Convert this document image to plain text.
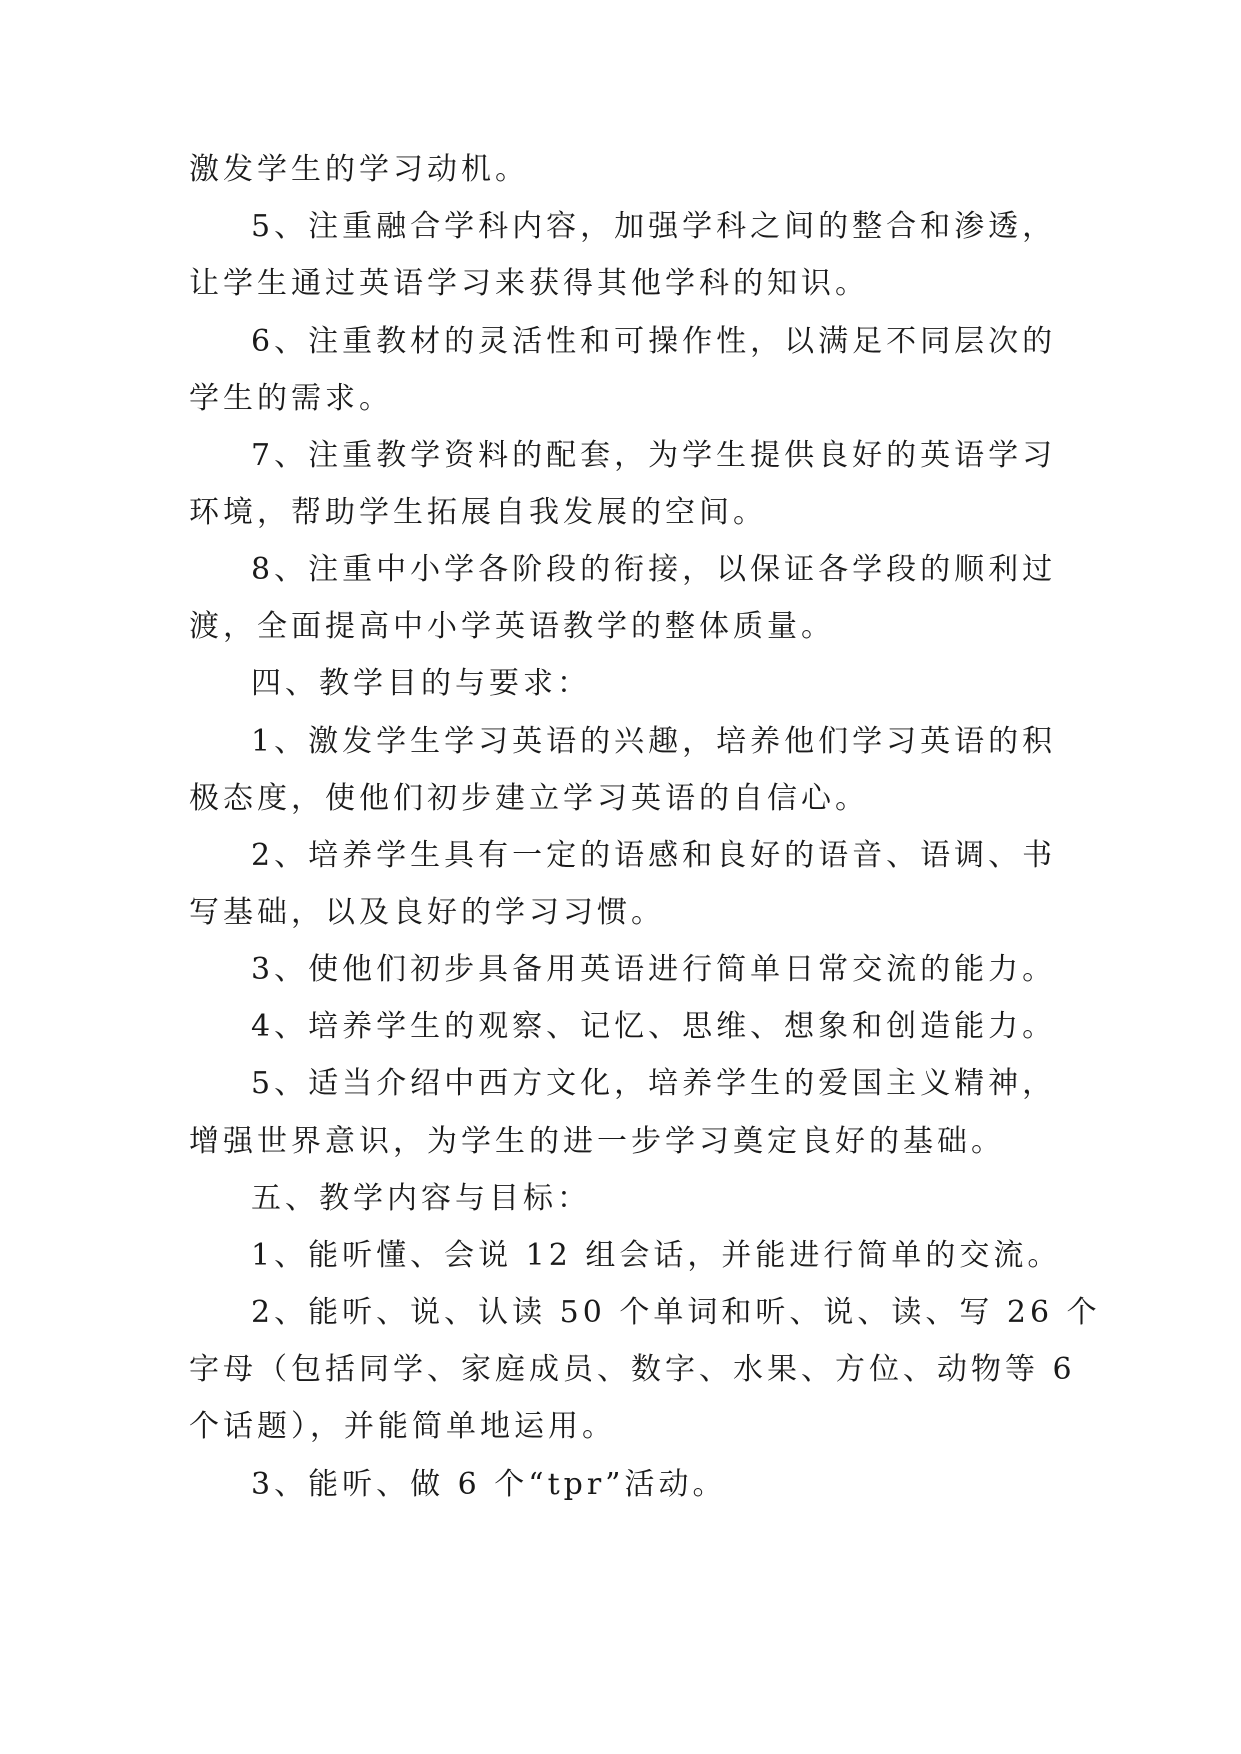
激发学生的学习动机。
5、注重融合学科内容，加强学科之间的整合和渗透，
让学生通过英语学习来获得其他学科的知识。
6、注重教材的灵活性和可操作性，以满足不同层次的
学生的需求。
7、注重教学资料的配套，为学生提供良好的英语学习
环境，帮助学生拓展自我发展的空间。
8、注重中小学各阶段的衔接，以保证各学段的顺利过
渡，全面提高中小学英语教学的整体质量。
四、教学目的与要求：
1、激发学生学习英语的兴趣，培养他们学习英语的积
极态度，使他们初步建立学习英语的自信心。
2、培养学生具有一定的语感和良好的语音、语调、书
写基础，以及良好的学习习惯。
3、使他们初步具备用英语进行简单日常交流的能力。
4、培养学生的观察、记忆、思维、想象和创造能力。
5、适当介绍中西方文化，培养学生的爱国主义精神，
增强世界意识，为学生的进一步学习奠定良好的基础。
五、教学内容与目标：
1、能听懂、会说 12 组会话，并能进行简单的交流。
2、能听、说、认读 50 个单词和听、说、读、写 26 个
字母（包括同学、家庭成员、数字、水果、方位、动物等 6
个话题），并能简单地运用。
3、能听、做 6 个“tpr”活动。
